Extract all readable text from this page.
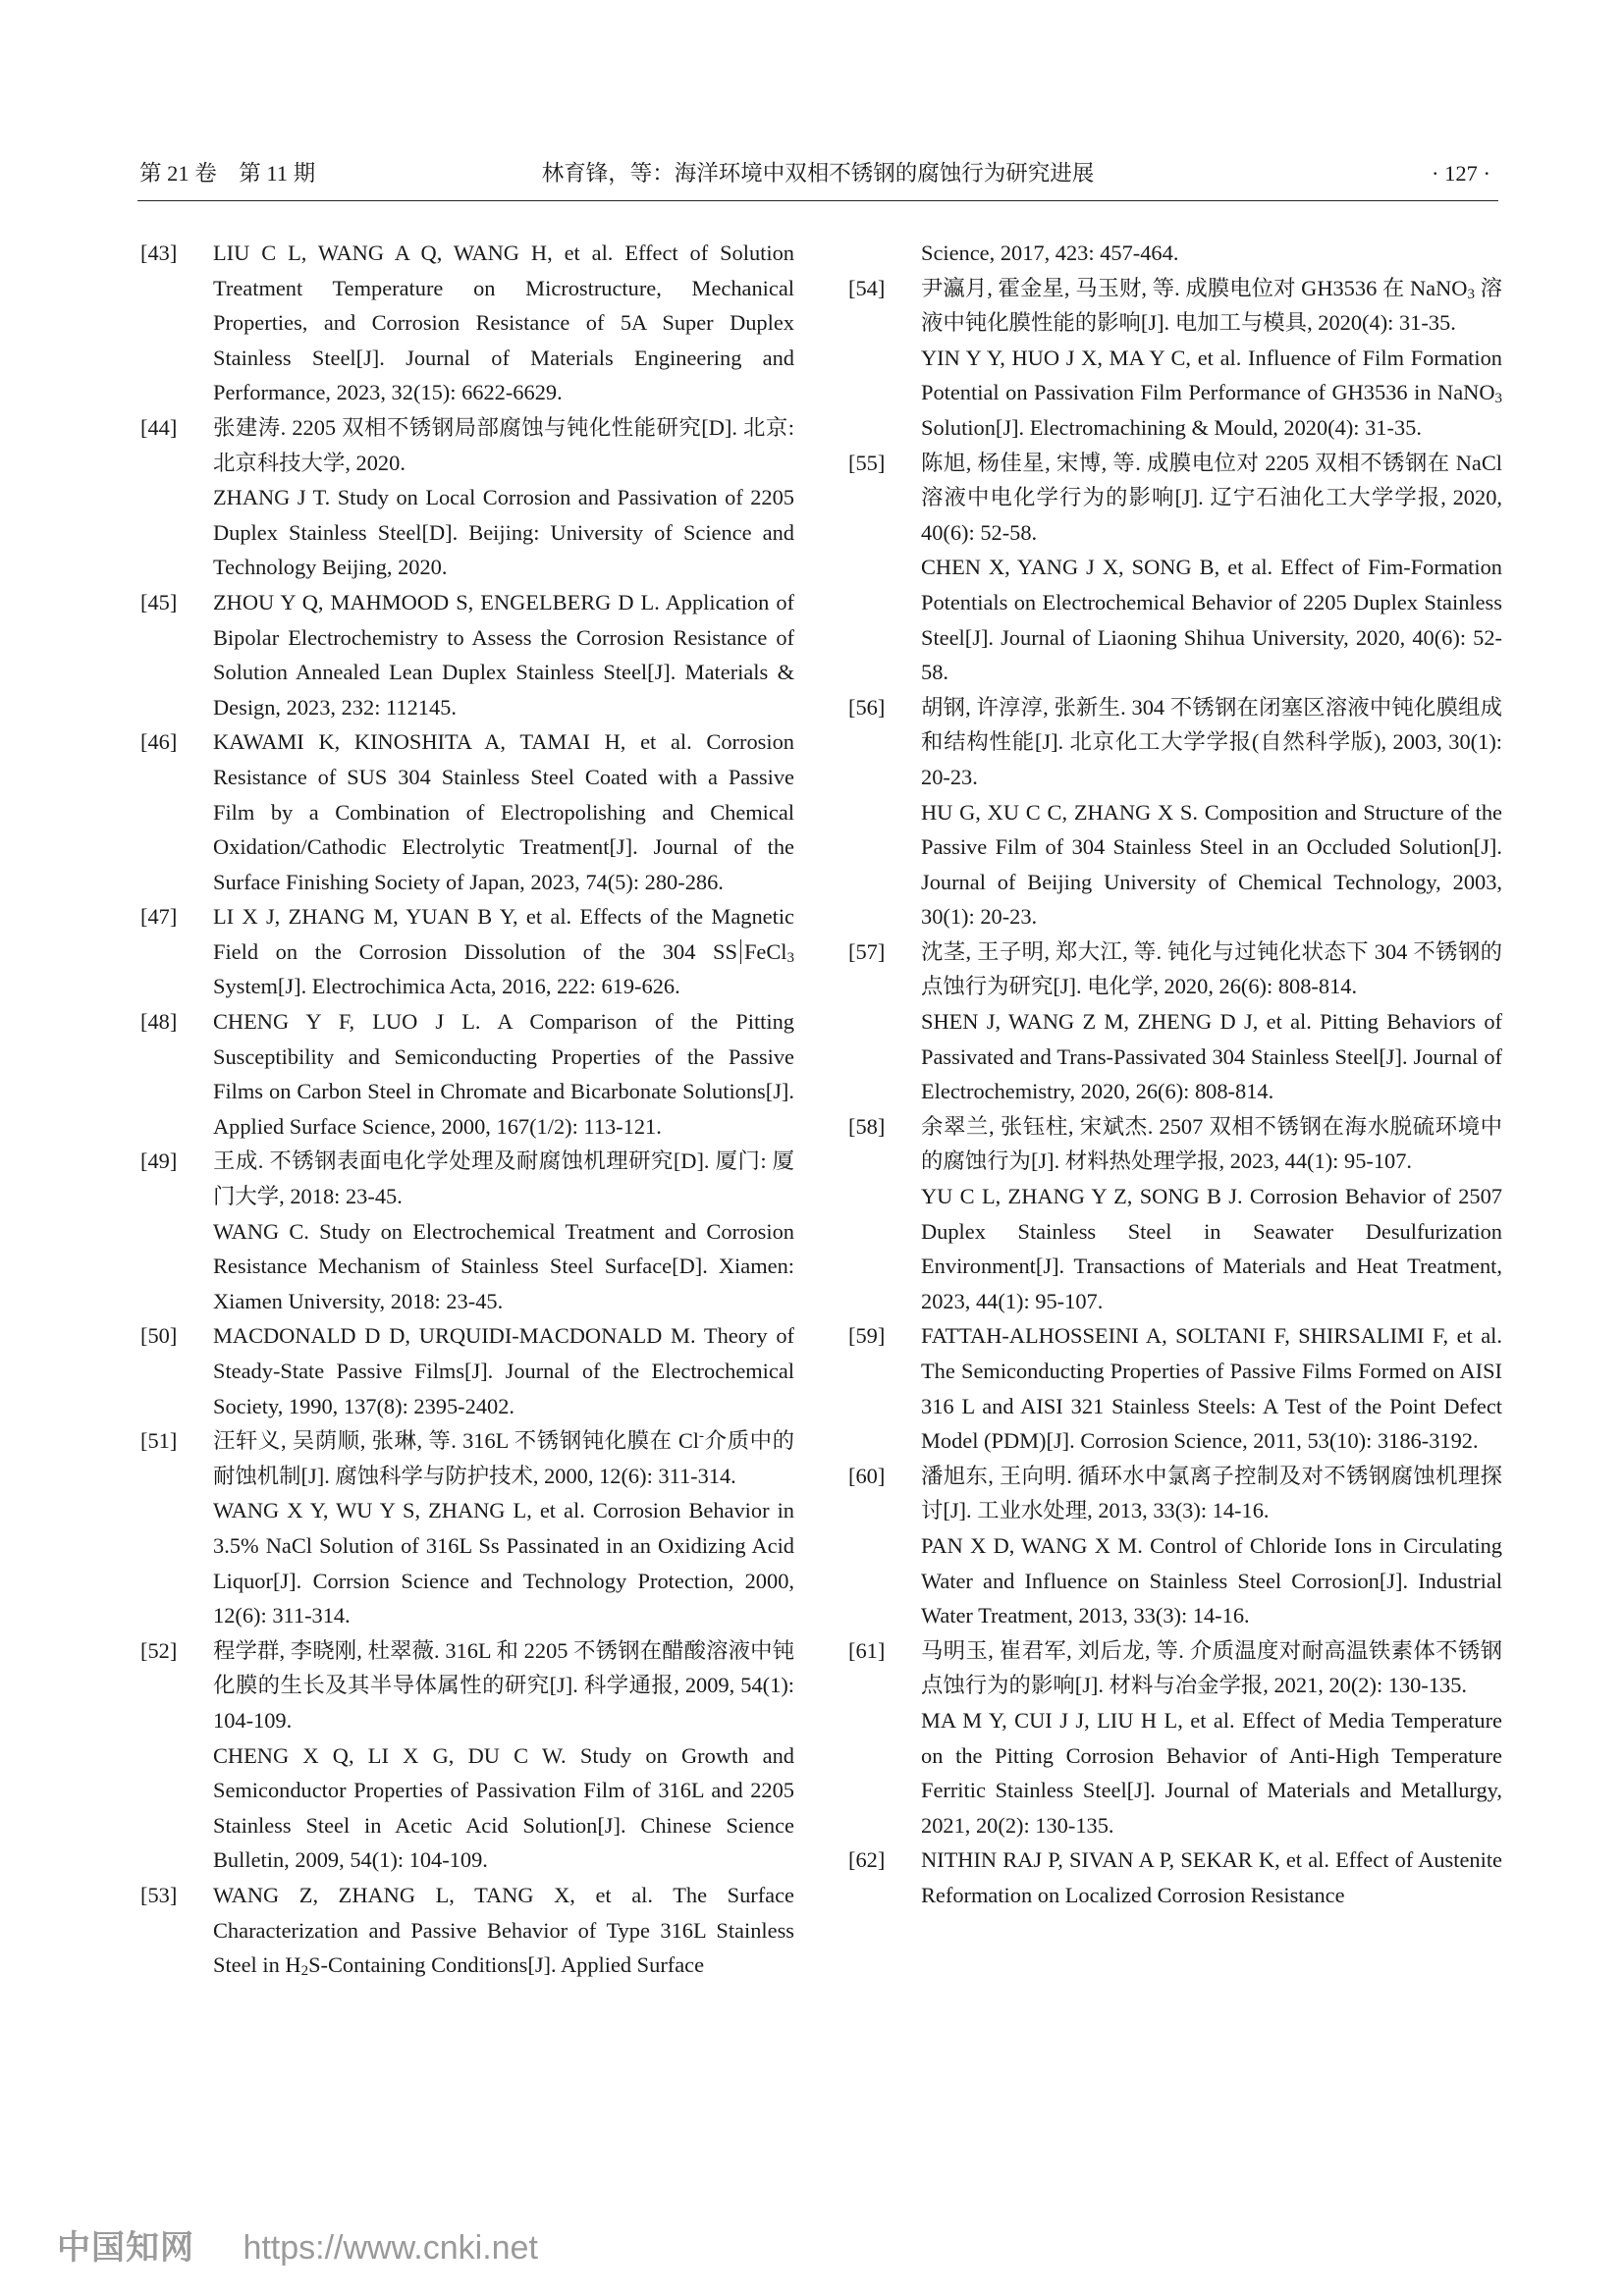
第 21 卷　第 11 期	林育锋，等：海洋环境中双相不锈钢的腐蚀行为研究进展	· 127 ·
[43] LIU C L, WANG A Q, WANG H, et al. Effect of Solution Treatment Temperature on Microstructure, Mechanical Properties, and Corrosion Resistance of 5A Super Duplex Stainless Steel[J]. Journal of Materials Engineering and Performance, 2023, 32(15): 6622-6629.
[44] 张建涛. 2205 双相不锈钢局部腐蚀与钝化性能研究[D]. 北京: 北京科技大学, 2020.
ZHANG J T. Study on Local Corrosion and Passivation of 2205 Duplex Stainless Steel[D]. Beijing: University of Science and Technology Beijing, 2020.
[45] ZHOU Y Q, MAHMOOD S, ENGELBERG D L. Application of Bipolar Electrochemistry to Assess the Corrosion Resistance of Solution Annealed Lean Duplex Stainless Steel[J]. Materials & Design, 2023, 232: 112145.
[46] KAWAMI K, KINOSHITA A, TAMAI H, et al. Corrosion Resistance of SUS 304 Stainless Steel Coated with a Passive Film by a Combination of Electropolishing and Chemical Oxidation/Cathodic Electrolytic Treatment[J]. Journal of the Surface Finishing Society of Japan, 2023, 74(5): 280-286.
[47] LI X J, ZHANG M, YUAN B Y, et al. Effects of the Magnetic Field on the Corrosion Dissolution of the 304 SS FeCl$_3$ System[J]. Electrochimica Acta, 2016, 222: 619-626.
[48] CHENG Y F, LUO J L. A Comparison of the Pitting Susceptibility and Semiconducting Properties of the Passive Films on Carbon Steel in Chromate and Bicarbonate Solutions[J]. Applied Surface Science, 2000, 167(1/2): 113-121.
[49] 王成. 不锈钢表面电化学处理及耐腐蚀机理研究[D]. 厦门: 厦门大学, 2018: 23-45.
WANG C. Study on Electrochemical Treatment and Corrosion Resistance Mechanism of Stainless Steel Surface[D]. Xiamen: Xiamen University, 2018: 23-45.
[50] MACDONALD D D, URQUIDI-MACDONALD M. Theory of Steady-State Passive Films[J]. Journal of the Electrochemical Society, 1990, 137(8): 2395-2402.
[51] 汪轩义, 吴荫顺, 张琳, 等. 316L 不锈钢钝化膜在 Cl-介质中的耐蚀机制[J]. 腐蚀科学与防护技术, 2000, 12(6): 311-314.
WANG X Y, WU Y S, ZHANG L, et al. Corrosion Behavior in 3.5% NaCl Solution of 316L Ss Passinated in an Oxidizing Acid Liquor[J]. Corrsion Science and Technology Protection, 2000, 12(6): 311-314.
[52] 程学群, 李晓刚, 杜翠薇. 316L 和 2205 不锈钢在醋酸溶液中钝化膜的生长及其半导体属性的研究[J]. 科学通报, 2009, 54(1): 104-109.
CHENG X Q, LI X G, DU C W. Study on Growth and Semiconductor Properties of Passivation Film of 316L and 2205 Stainless Steel in Acetic Acid Solution[J]. Chinese Science Bulletin, 2009, 54(1): 104-109.
[53] WANG Z, ZHANG L, TANG X, et al. The Surface Characterization and Passive Behavior of Type 316L Stainless Steel in $H_2S$-Containing Conditions[J]. Applied Surface
Science, 2017, 423: 457-464.
[54] 尹瀛月, 霍金星, 马玉财, 等. 成膜电位对 GH3536 在 NaNO$_3$ 溶液中钝化膜性能的影响[J]. 电加工与模具, 2020(4): 31-35.
YIN Y Y, HUO J X, MA Y C, et al. Influence of Film Formation Potential on Passivation Film Performance of GH3536 in NaNO$_3$ Solution[J]. Electromachining & Mould, 2020(4): 31-35.
[55] 陈旭, 杨佳星, 宋博, 等. 成膜电位对 2205 双相不锈钢在 NaCl 溶液中电化学行为的影响[J]. 辽宁石油化工大学学报, 2020, 40(6): 52-58.
CHEN X, YANG J X, SONG B, et al. Effect of Fim-Formation Potentials on Electrochemical Behavior of 2205 Duplex Stainless Steel[J]. Journal of Liaoning Shihua University, 2020, 40(6): 52-58.
[56] 胡钢, 许淳淳, 张新生. 304 不锈钢在闭塞区溶液中钝化膜组成和结构性能[J]. 北京化工大学学报(自然科学版), 2003, 30(1): 20-23.
HU G, XU C C, ZHANG X S. Composition and Structure of the Passive Film of 304 Stainless Steel in an Occluded Solution[J]. Journal of Beijing University of Chemical Technology, 2003, 30(1): 20-23.
[57] 沈茎, 王子明, 郑大江, 等. 钝化与过钝化状态下 304 不锈钢的点蚀行为研究[J]. 电化学, 2020, 26(6): 808-814.
SHEN J, WANG Z M, ZHENG D J, et al. Pitting Behaviors of Passivated and Trans-Passivated 304 Stainless Steel[J]. Journal of Electrochemistry, 2020, 26(6): 808-814.
[58] 余翠兰, 张钰柱, 宋斌杰. 2507 双相不锈钢在海水脱硫环境中的腐蚀行为[J]. 材料热处理学报, 2023, 44(1): 95-107.
YU C L, ZHANG Y Z, SONG B J. Corrosion Behavior of 2507 Duplex Stainless Steel in Seawater Desulfurization Environment[J]. Transactions of Materials and Heat Treatment, 2023, 44(1): 95-107.
[59] FATTAH-ALHOSSEINI A, SOLTANI F, SHIRSALIMI F, et al. The Semiconducting Properties of Passive Films Formed on AISI 316 L and AISI 321 Stainless Steels: A Test of the Point Defect Model (PDM)[J]. Corrosion Science, 2011, 53(10): 3186-3192.
[60] 潘旭东, 王向明. 循环水中氯离子控制及对不锈钢腐蚀机理探讨[J]. 工业水处理, 2013, 33(3): 14-16.
PAN X D, WANG X M. Control of Chloride Ions in Circulating Water and Influence on Stainless Steel Corrosion[J]. Industrial Water Treatment, 2013, 33(3): 14-16.
[61] 马明玉, 崔君军, 刘后龙, 等. 介质温度对耐高温铁素体不锈钢点蚀行为的影响[J]. 材料与冶金学报, 2021, 20(2): 130-135.
MA M Y, CUI J J, LIU H L, et al. Effect of Media Temperature on the Pitting Corrosion Behavior of Anti-High Temperature Ferritic Stainless Steel[J]. Journal of Materials and Metallurgy, 2021, 20(2): 130-135.
[62] NITHIN RAJ P, SIVAN A P, SEKAR K, et al. Effect of Austenite Reformation on Localized Corrosion Resistance
中国知网 https://www.cnki.net
